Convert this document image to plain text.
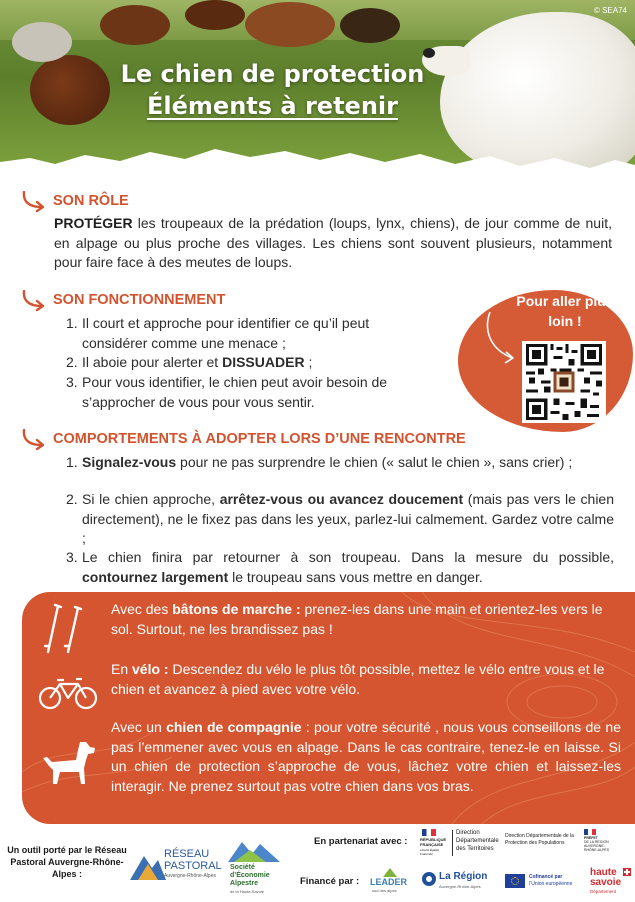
© SEA74
Le chien de protection
Éléments à retenir
SON RÔLE
PROTÉGER les troupeaux de la prédation (loups, lynx, chiens), de jour comme de nuit, en alpage ou plus proche des villages. Les chiens sont souvent plusieurs, notamment pour faire face à des meutes de loups.
SON FONCTIONNEMENT
1. Il court et approche pour identifier ce qu’il peut considérer comme une menace ;
2. Il aboie pour alerter et DISSUADER ;
3. Pour vous identifier, le chien peut avoir besoin de s’approcher de vous pour vous sentir.
Pour aller plus loin !
COMPORTEMENTS À ADOPTER LORS D’UNE RENCONTRE
1. Signalez-vous pour ne pas surprendre le chien (« salut le chien », sans crier) ;
2. Si le chien approche, arrêtez-vous ou avancez doucement (mais pas vers le chien directement), ne le fixez pas dans les yeux, parlez-lui calmement. Gardez votre calme ;
3. Le chien finira par retourner à son troupeau. Dans la mesure du possible, contournez largement le troupeau sans vous mettre en danger.
Avec des bâtons de marche : prenez-les dans une main et orientez-les vers le sol. Surtout, ne les brandissez pas !
En vélo : Descendez du vélo le plus tôt possible, mettez le vélo entre vous et le chien et avancez à pied avec votre vélo.
Avec un chien de compagnie : pour votre sécurité , nous vous conseillons de ne pas l’emmener avec vous en alpage. Dans le cas contraire, tenez-le en laisse. Si un chien de protection s’approche de vous, lâchez votre chien et laissez-les interagir. Ne prenez surtout pas votre chien dans vos bras.
Un outil porté par le Réseau Pastoral Auvergne-Rhône-Alpes :
RÉSEAU
PASTORAL
Auvergne-Rhône-Alpes
Société
d’Économie
Alpestre
de la Haute-Savoie
En partenariat avec :	RÉPUBLIQUE
FRANÇAISE
Liberté Égalité Fraternité
Direction
Départementale
des Territoires
Direction Départementale de la Protection des Populations
PRÉFET
DE LA RÉGION
AUVERGNE-
RHÔNE-ALPES
Financé par : LEADER
sud des alpes
La Région
Auvergne-Rhône-Alpes
Cofinancé par
l’Union européenne
haute
savoie
Département
